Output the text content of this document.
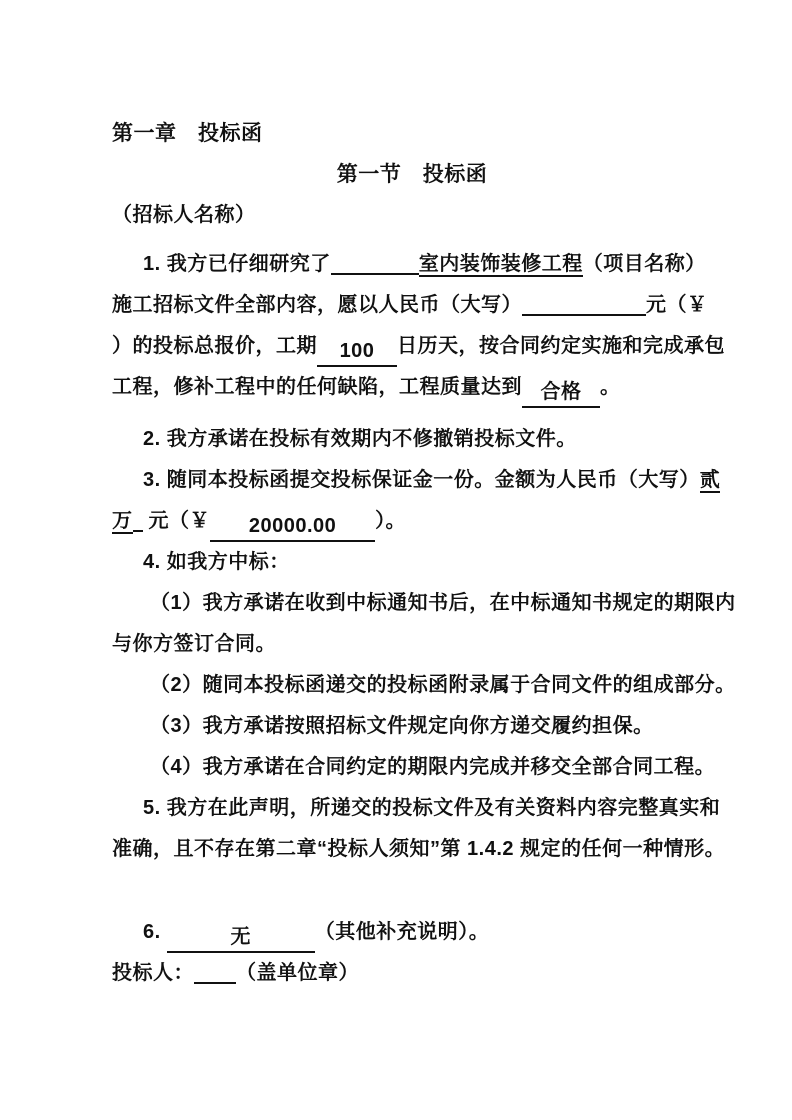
第一章　投标函
第一节　投标函
（招标人名称）
1. 我方已仔细研究了	室内装饰装修工程（项目名称）
施工招标文件全部内容，愿以人民币（大写）	元（￥
）的投标总报价，工期 100 日历天，按合同约定实施和完成承包
工程，修补工程中的任何缺陷，工程质量达到 合格 。
2. 我方承诺在投标有效期内不修撤销投标文件。
3. 随同本投标函提交投标保证金一份。金额为人民币（大写）贰
万 元（￥ 20000.00 ）。
4. 如我方中标：
（1）我方承诺在收到中标通知书后，在中标通知书规定的期限内
与你方签订合同。
（2）随同本投标函递交的投标函附录属于合同文件的组成部分。
（3）我方承诺按照招标文件规定向你方递交履约担保。
（4）我方承诺在合同约定的期限内完成并移交全部合同工程。
5. 我方在此声明，所递交的投标文件及有关资料内容完整真实和
准确，且不存在第二章“投标人须知”第 1.4.2 规定的任何一种情形。
6.	无	（其他补充说明）。
投标人： （盖单位章）
